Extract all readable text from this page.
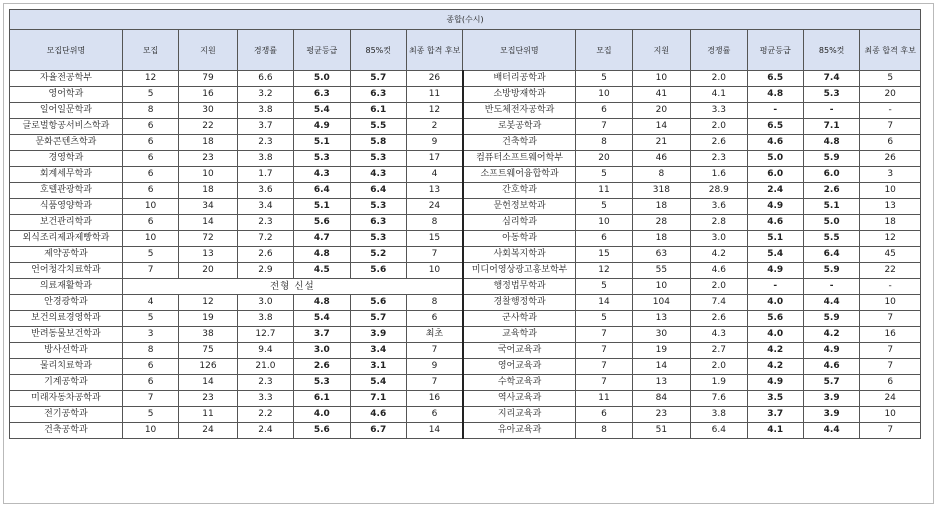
종합(수시)													
모집단위명	모집	지원	경쟁률	평균등급	85%컷	최종 합격 후보	모집단위명	모집	지원	경쟁률	평균등급	85%컷	최종 합격 후보
자율전공학부	12	79	6.6	5.0	5.7	26	배터리공학과	5	10	2.0	6.5	7.4	5
영어학과	5	16	3.2	6.3	6.3	11	소방방재학과	10	41	4.1	4.8	5.3	20
일어일문학과	8	30	3.8	5.4	6.1	12	반도체전자공학과	6	20	3.3	-	-	-
글로벌항공서비스학과	6	22	3.7	4.9	5.5	2	로봇공학과	7	14	2.0	6.5	7.1	7
문화콘텐츠학과	6	18	2.3	5.1	5.8	9	건축학과	8	21	2.6	4.6	4.8	6
경영학과	6	23	3.8	5.3	5.3	17	컴퓨터소프트웨어학부	20	46	2.3	5.0	5.9	26
회계세무학과	6	10	1.7	4.3	4.3	4	소프트웨어융합학과	5	8	1.6	6.0	6.0	3
호텔관광학과	6	18	3.6	6.4	6.4	13	간호학과	11	318	28.9	2.4	2.6	10
식품영양학과	10	34	3.4	5.1	5.3	24	문헌정보학과	5	18	3.6	4.9	5.1	13
보건관리학과	6	14	2.3	5.6	6.3	8	심리학과	10	28	2.8	4.6	5.0	18
외식조리제과제빵학과	10	72	7.2	4.7	5.3	15	아동학과	6	18	3.0	5.1	5.5	12
제약공학과	5	13	2.6	4.8	5.2	7	사회복지학과	15	63	4.2	5.4	6.4	45
언어청각치료학과	7	20	2.9	4.5	5.6	10	미디어영상광고홍보학부	12	55	4.6	4.9	5.9	22
의료재활학과	전형 신설						행정법무학과	5	10	2.0	-	-	-
안경광학과	4	12	3.0	4.8	5.6	8	경찰행정학과	14	104	7.4	4.0	4.4	10
보건의료경영학과	5	19	3.8	5.4	5.7	6	군사학과	5	13	2.6	5.6	5.9	7
반려동물보건학과	3	38	12.7	3.7	3.9	최초	교육학과	7	30	4.3	4.0	4.2	16
방사선학과	8	75	9.4	3.0	3.4	7	국어교육과	7	19	2.7	4.2	4.9	7
물리치료학과	6	126	21.0	2.6	3.1	9	영어교육과	7	14	2.0	4.2	4.6	7
기계공학과	6	14	2.3	5.3	5.4	7	수학교육과	7	13	1.9	4.9	5.7	6
미래자동차공학과	7	23	3.3	6.1	7.1	16	역사교육과	11	84	7.6	3.5	3.9	24
전기공학과	5	11	2.2	4.0	4.6	6	지리교육과	6	23	3.8	3.7	3.9	10
건축공학과	10	24	2.4	5.6	6.7	14	유아교육과	8	51	6.4	4.1	4.4	7
